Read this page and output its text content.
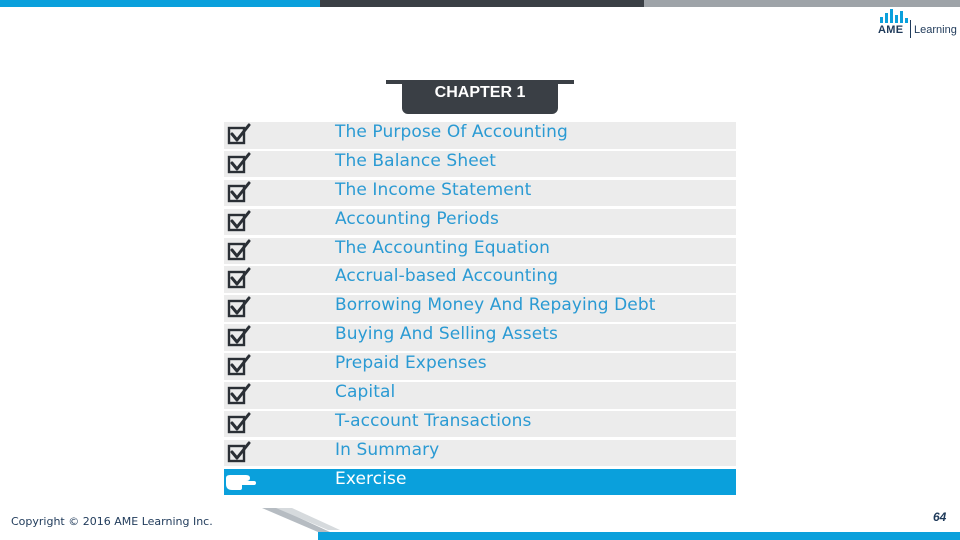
AME Learning
CHAPTER 1
The Purpose Of Accounting
The Balance Sheet
The Income Statement
Accounting Periods
The Accounting Equation
Accrual-based Accounting
Borrowing Money And Repaying Debt
Buying And Selling Assets
Prepaid Expenses
Capital
T-account Transactions
In Summary
Exercise
Copyright © 2016 AME Learning Inc.	64
